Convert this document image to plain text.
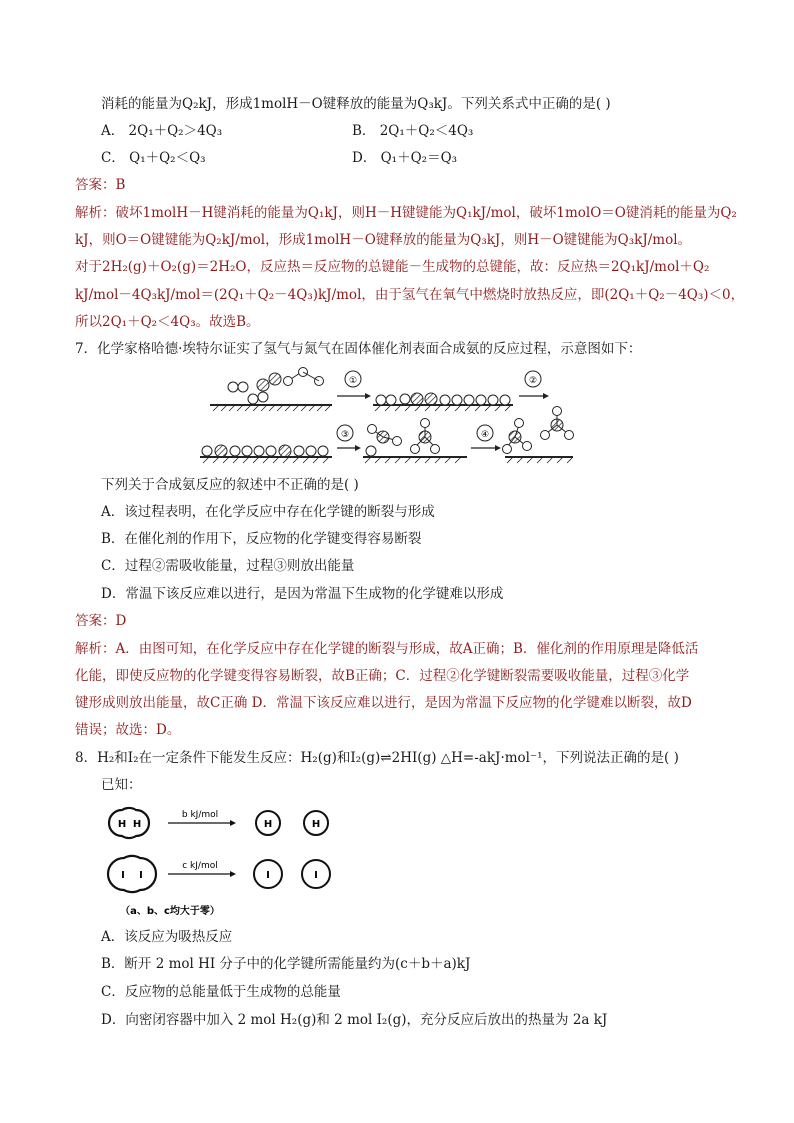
消耗的能量为Q₂kJ，形成1molH－O键释放的能量为Q₃kJ。下列关系式中正确的是( )
A． 2Q₁＋Q₂＞4Q₃	B． 2Q₁＋Q₂＜4Q₃
C． Q₁＋Q₂＜Q₃	D． Q₁＋Q₂＝Q₃
答案：B
解析：破坏1molH－H键消耗的能量为Q₁kJ，则H－H键键能为Q₁kJ/mol，破坏1molO＝O键消耗的能量为Q₂
kJ，则O＝O键键能为Q₂kJ/mol，形成1molH－O键释放的能量为Q₃kJ，则H－O键键能为Q₃kJ/mol。
对于2H₂(g)＋O₂(g)＝2H₂O，反应热＝反应物的总键能－生成物的总键能，故：反应热＝2Q₁kJ/mol＋Q₂
kJ/mol－4Q₃kJ/mol＝(2Q₁＋Q₂－4Q₃)kJ/mol，由于氢气在氧气中燃烧时放热反应，即(2Q₁＋Q₂－4Q₃)＜0，
所以2Q₁＋Q₂＜4Q₃。故选B。
7．化学家格哈德·埃特尔证实了氢气与氮气在固体催化剂表面合成氨的反应过程，示意图如下：
①	②
③	④
下列关于合成氨反应的叙述中不正确的是( )
A．该过程表明，在化学反应中存在化学键的断裂与形成
B．在催化剂的作用下，反应物的化学键变得容易断裂
C．过程②需吸收能量，过程③则放出能量
D．常温下该反应难以进行，是因为常温下生成物的化学键难以形成
答案：D
解析：A．由图可知，在化学反应中存在化学键的断裂与形成，故A正确；B．催化剂的作用原理是降低活
化能，即使反应物的化学键变得容易断裂，故B正确；C．过程②化学键断裂需要吸收能量，过程③化学
键形成则放出能量，故C正确 D．常温下该反应难以进行，是因为常温下反应物的化学键难以断裂，故D
错误；故选：D。
8．H₂和I₂在一定条件下能发生反应：H₂(g)和I₂(g)⇌2HI(g) △H=-akJ·mol⁻¹，下列说法正确的是( )
已知：
H H
b kJ/mol
H	H
I I
c kJ/mol
I	I
（a、b、c均大于零）
A．该反应为吸热反应
B．断开 2 mol HI 分子中的化学键所需能量约为(c＋b＋a)kJ
C．反应物的总能量低于生成物的总能量
D．向密闭容器中加入 2 mol H₂(g)和 2 mol I₂(g)，充分反应后放出的热量为 2a kJ
